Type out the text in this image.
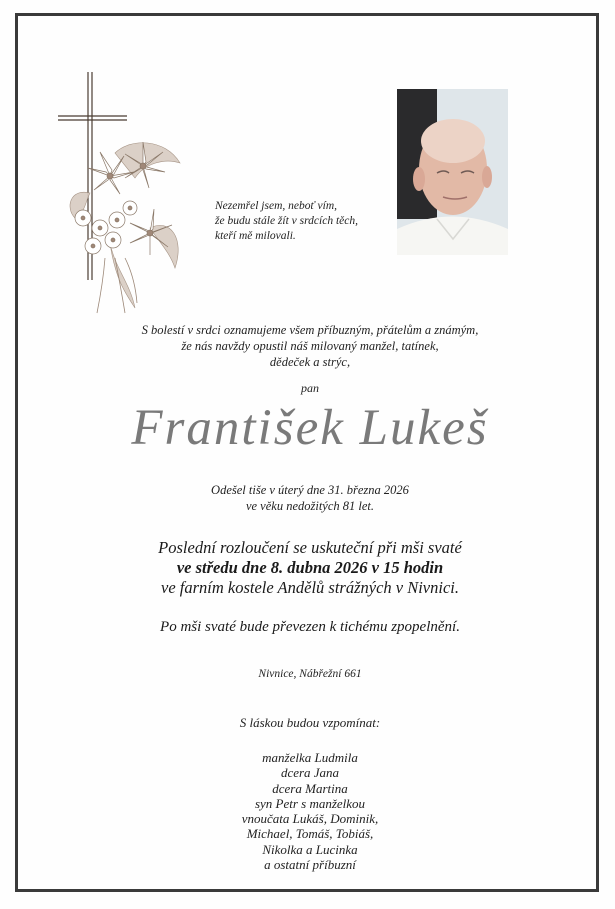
Nezemřel jsem, neboť vím,
že budu stále žít v srdcích těch,
kteří mě milovali.
S bolestí v srdci oznamujeme všem příbuzným, přátelům a známým,
že nás navždy opustil náš milovaný manžel, tatínek,
dědeček a strýc,
pan
František Lukeš
Odešel tiše v úterý dne 31. března 2026
ve věku nedožitých 81 let.
Poslední rozloučení se uskuteční při mši svaté
ve středu dne 8. dubna 2026 v 15 hodin
ve farním kostele Andělů strážných v Nivnici.
Po mši svaté bude převezen k tichému zpopelnění.
Nivnice, Nábřežní 661
S láskou budou vzpomínat:
manželka Ludmila
dcera Jana
dcera Martina
syn Petr s manželkou
vnoučata Lukáš, Dominik,
Michael, Tomáš, Tobiáš,
Nikolka a Lucinka
a ostatní příbuzní
